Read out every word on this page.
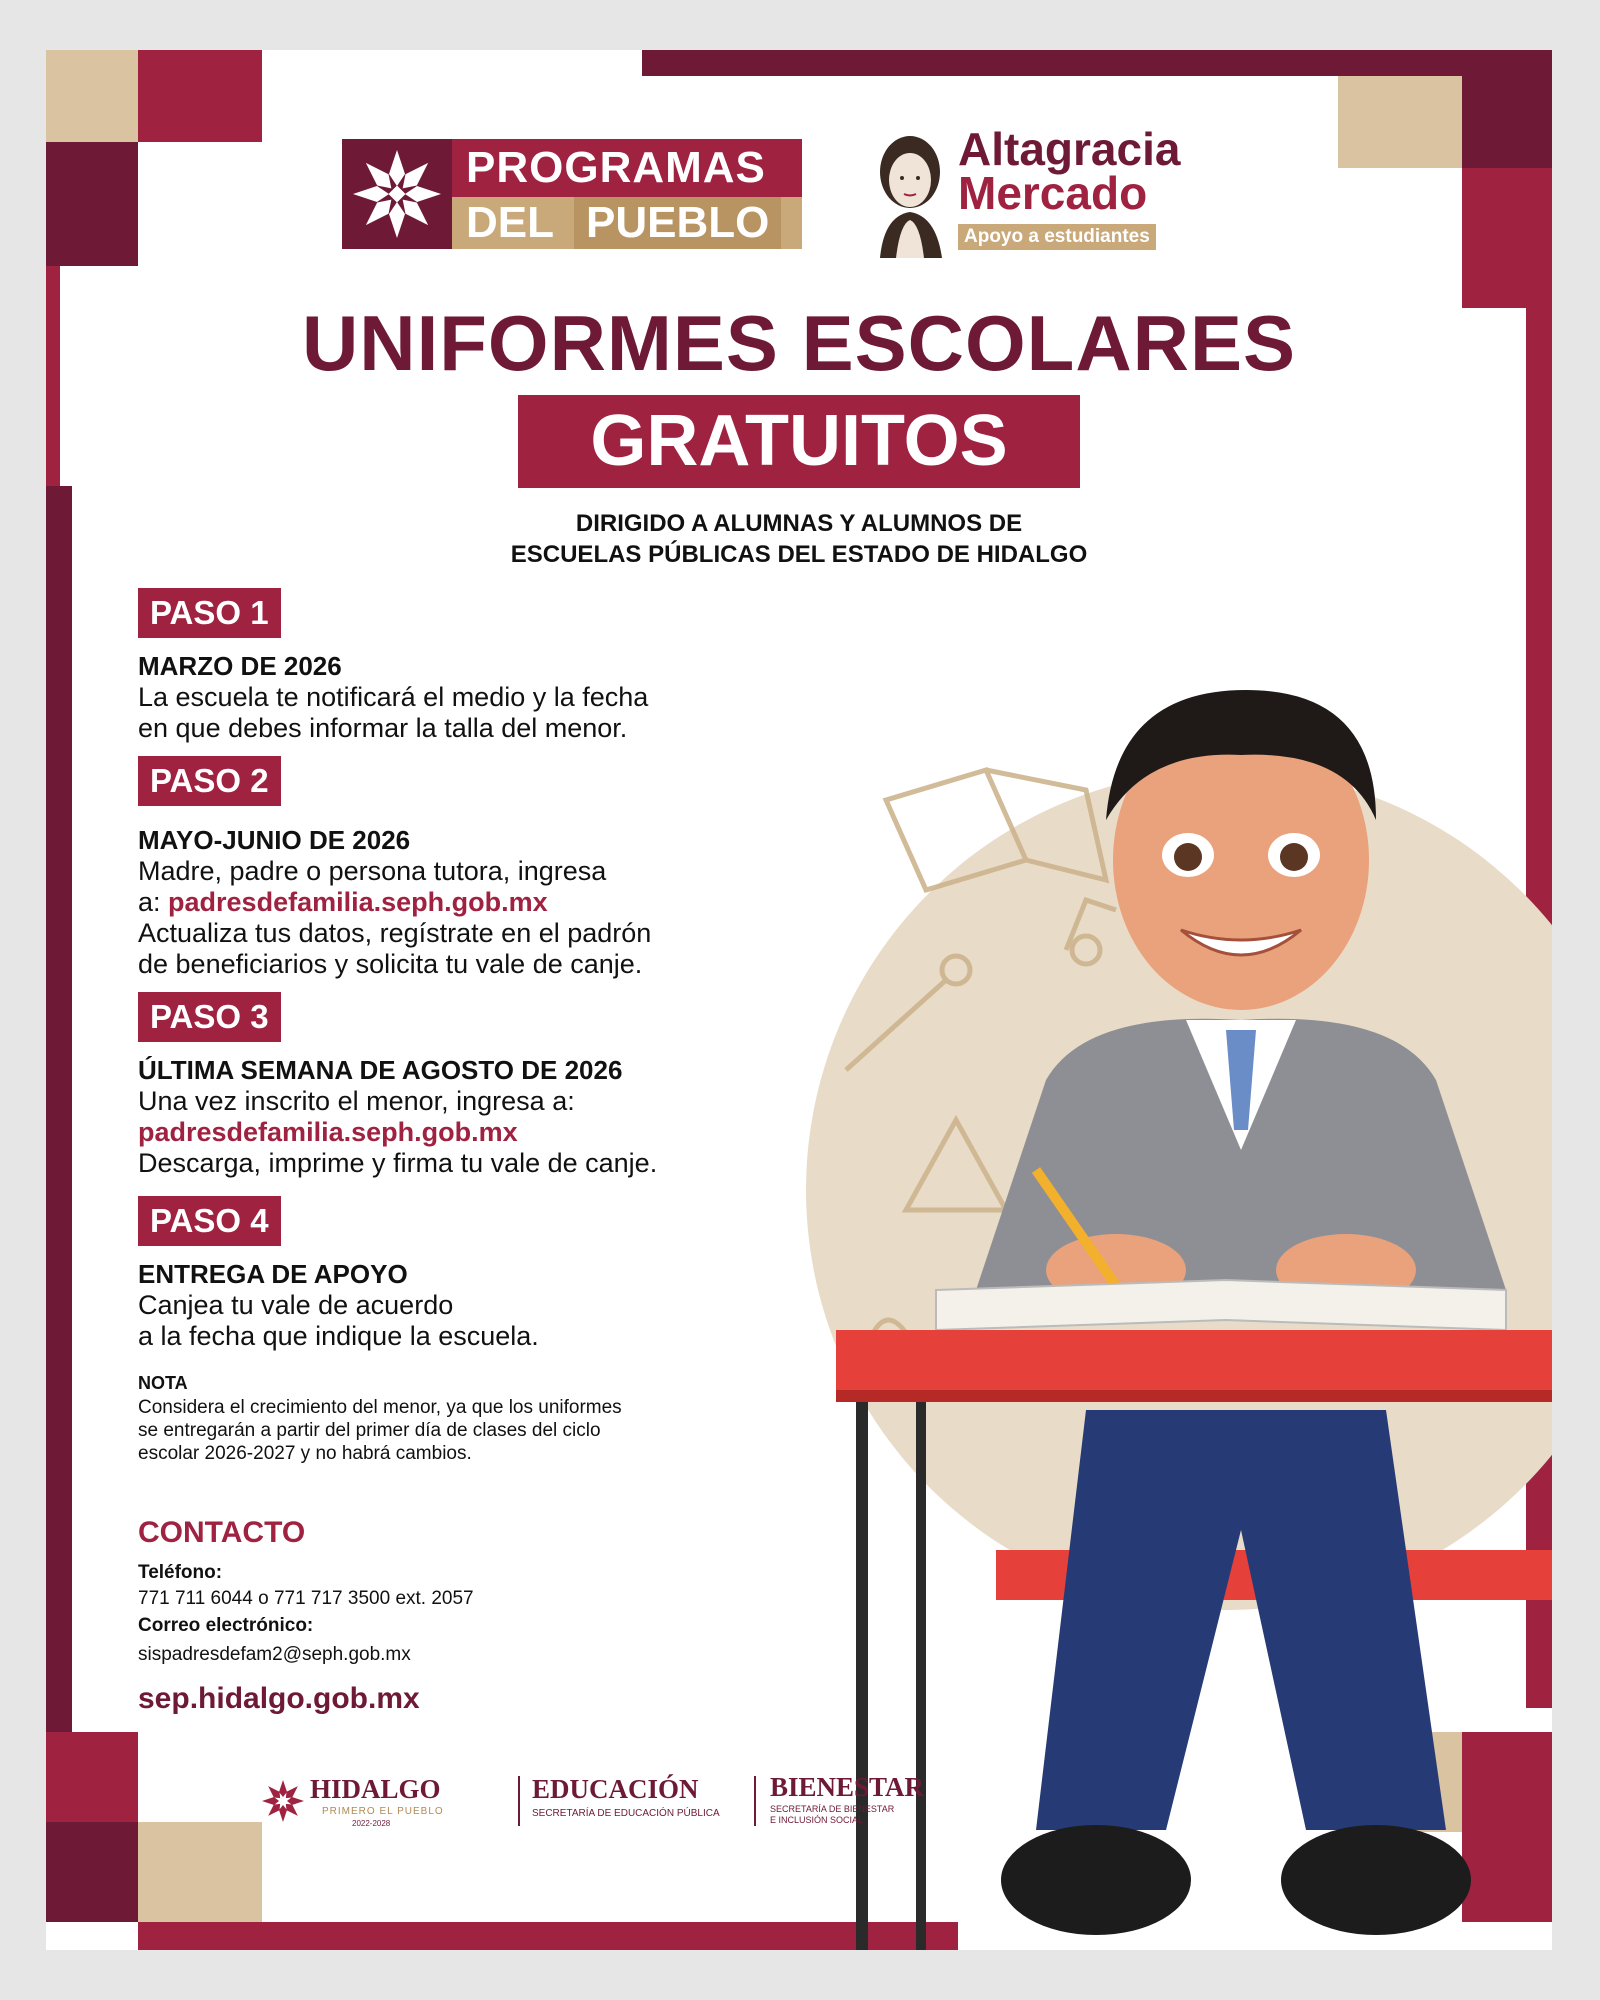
PROGRAMAS
DEL PUEBLO
Altagracia
Mercado
Apoyo a estudiantes
UNIFORMES ESCOLARES
GRATUITOS
DIRIGIDO A ALUMNAS Y ALUMNOS DE
ESCUELAS PÚBLICAS DEL ESTADO DE HIDALGO
PASO 1
MARZO DE 2026
La escuela te notificará el medio y la fecha
en que debes informar la talla del menor.
PASO 2
MAYO-JUNIO DE 2026
Madre, padre o persona tutora, ingresa
a: padresdefamilia.seph.gob.mx
Actualiza tus datos, regístrate en el padrón
de beneficiarios y solicita tu vale de canje.
PASO 3
ÚLTIMA SEMANA DE AGOSTO DE 2026
Una vez inscrito el menor, ingresa a:
padresdefamilia.seph.gob.mx
Descarga, imprime y firma tu vale de canje.
PASO 4
ENTREGA DE APOYO
Canjea tu vale de acuerdo
a la fecha que indique la escuela.
NOTA
Considera el crecimiento del menor, ya que los uniformes
se entregarán a partir del primer día de clases del ciclo
escolar 2026-2027 y no habrá cambios.
CONTACTO
Teléfono:
771 711 6044 o 771 717 3500 ext. 2057
Correo electrónico:
sispadresdefam2@seph.gob.mx
sep.hidalgo.gob.mx
HIDALGO
PRIMERO EL PUEBLO
2022-2028
EDUCACIÓN
SECRETARÍA DE EDUCACIÓN PÚBLICA
BIENESTAR
SECRETARÍA DE BIENESTAR
E INCLUSIÓN SOCIAL
